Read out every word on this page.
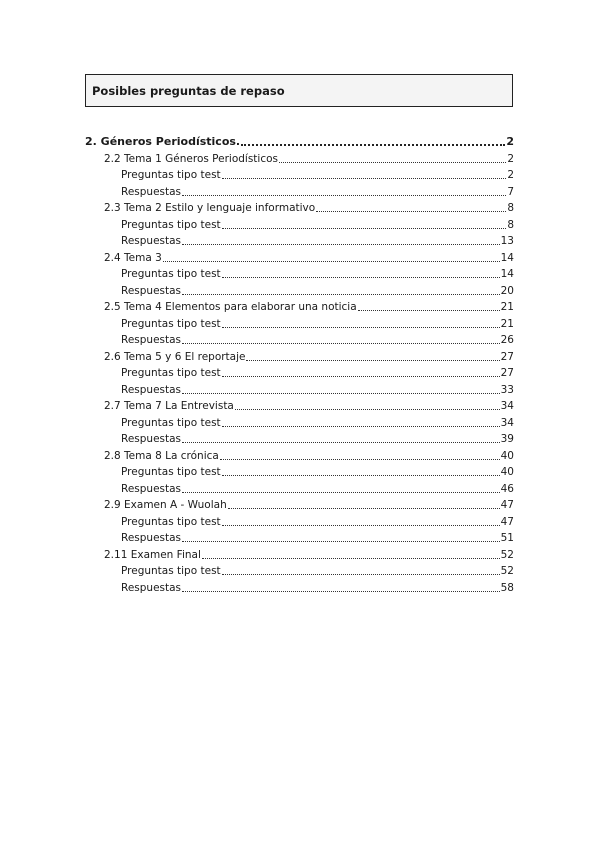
Posibles preguntas de repaso
2. Géneros Periodísticos.	2
2.2 Tema 1 Géneros Periodísticos	2
Preguntas tipo test	2
Respuestas	7
2.3 Tema 2 Estilo y lenguaje informativo	8
Preguntas tipo test	8
Respuestas	13
2.4 Tema 3	14
Preguntas tipo test	14
Respuestas	20
2.5 Tema 4 Elementos para elaborar una noticia	21
Preguntas tipo test	21
Respuestas	26
2.6 Tema 5 y 6 El reportaje	27
Preguntas tipo test	27
Respuestas	33
2.7 Tema 7 La Entrevista	34
Preguntas tipo test	34
Respuestas	39
2.8 Tema 8 La crónica	40
Preguntas tipo test	40
Respuestas	46
2.9 Examen A - Wuolah	47
Preguntas tipo test	47
Respuestas	51
2.11 Examen Final	52
Preguntas tipo test	52
Respuestas	58
